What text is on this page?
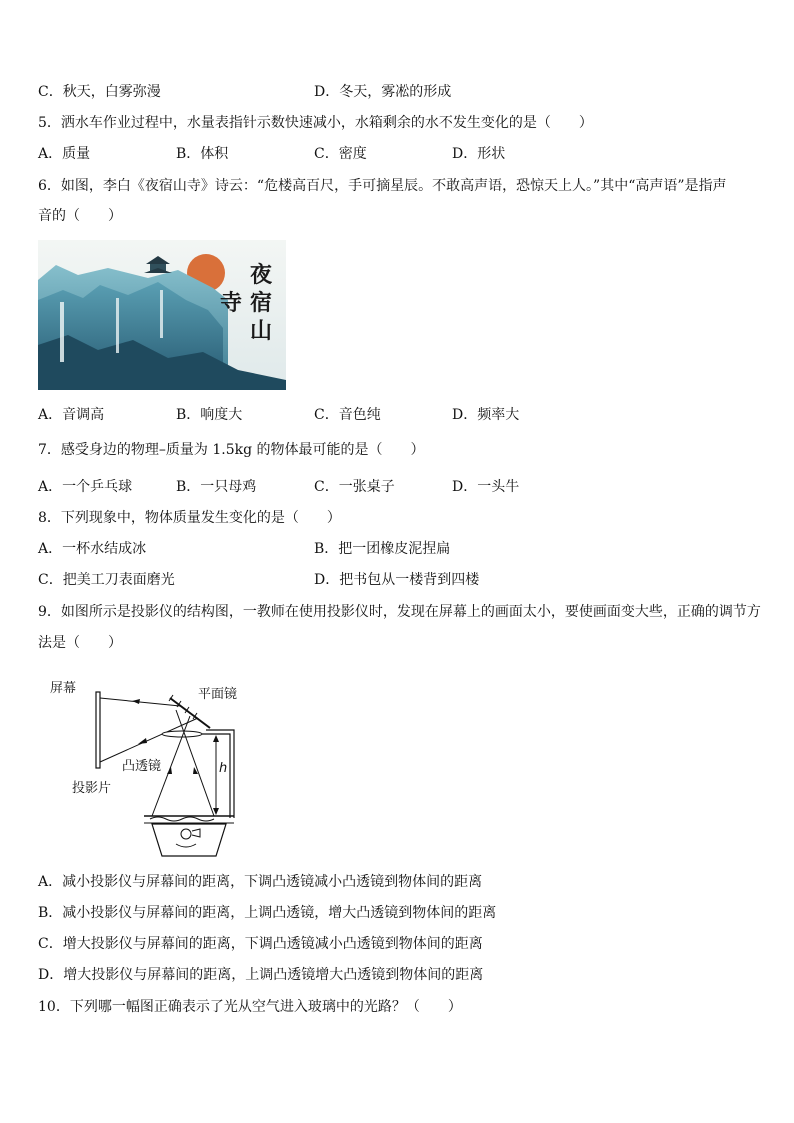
C．秋天，白雾弥漫	D．冬天，雾凇的形成
5．洒水车作业过程中，水量表指针示数快速减小，水箱剩余的水不发生变化的是（　　）
A．质量	B．体积	C．密度	D．形状
6．如图，李白《夜宿山寺》诗云：“危楼高百尺，手可摘星辰。不敢高声语，恐惊天上人。”其中“高声语”是指声
音的（　　）
夜
宿
山
寺
A．音调高	B．响度大	C．音色纯	D．频率大
7．感受身边的物理–质量为 1.5kg 的物体最可能的是（　　）
A．一个乒乓球	B．一只母鸡	C．一张桌子	D．一头牛
8．下列现象中，物体质量发生变化的是（　　）
A．一杯水结成冰	B．把一团橡皮泥捏扁
C．把美工刀表面磨光	D．把书包从一楼背到四楼
9．如图所示是投影仪的结构图，一教师在使用投影仪时，发现在屏幕上的画面太小，要使画面变大些，正确的调节方
法是（　　）
屏幕	平面镜
凸透镜
投影片
h
A．减小投影仪与屏幕间的距离，下调凸透镜减小凸透镜到物体间的距离
B．减小投影仪与屏幕间的距离，上调凸透镜，增大凸透镜到物体间的距离
C．增大投影仪与屏幕间的距离，下调凸透镜减小凸透镜到物体间的距离
D．增大投影仪与屏幕间的距离，上调凸透镜增大凸透镜到物体间的距离
10．下列哪一幅图正确表示了光从空气进入玻璃中的光路？（　　）
